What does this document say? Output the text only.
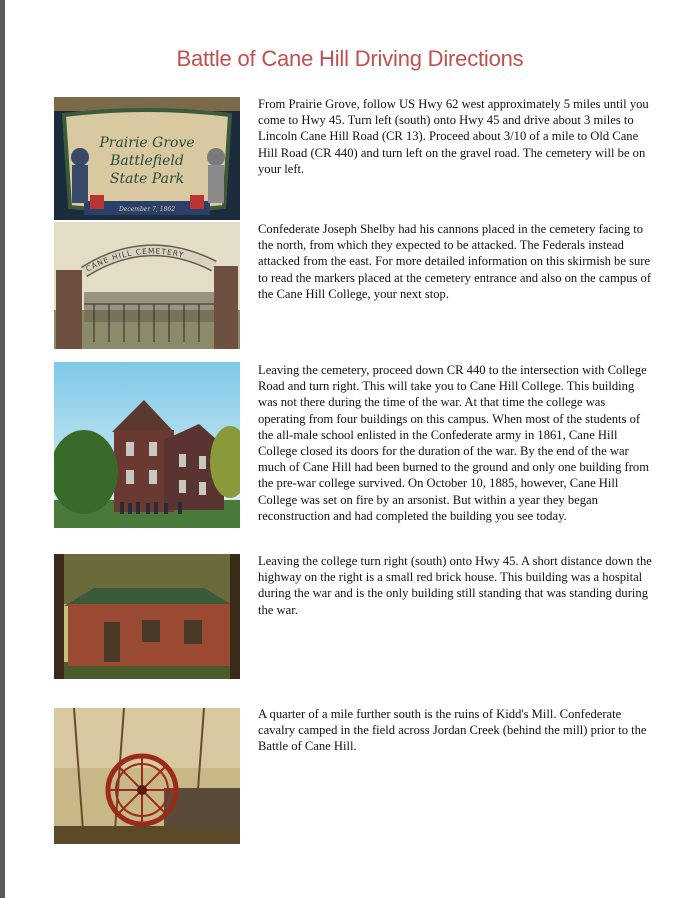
Battle of Cane Hill Driving Directions
Prairie Grove
Battlefield
State Park
December 7, 1862
From Prairie Grove, follow US Hwy 62 west approximately 5 miles until you come to Hwy 45. Turn left (south) onto Hwy 45 and drive about 3 miles to Lincoln Cane Hill Road (CR 13). Proceed about 3/10 of a mile to Old Cane Hill Road (CR 440) and turn left on the gravel road. The cemetery will be on your left.
CANE HILL CEMETERY
Confederate Joseph Shelby had his cannons placed in the cemetery facing to the north, from which they expected to be attacked. The Federals instead attacked from the east. For more detailed information on this skirmish be sure to read the markers placed at the cemetery entrance and also on the campus of the Cane Hill College, your next stop.
Leaving the cemetery, proceed down CR 440 to the intersection with College Road and turn right. This will take you to Cane Hill College. This building was not there during the time of the war. At that time the college was operating from four buildings on this campus. When most of the students of the all-male school enlisted in the Confederate army in 1861, Cane Hill College closed its doors for the duration of the war. By the end of the war much of Cane Hill had been burned to the ground and only one building from the pre-war college survived. On October 10, 1885, however, Cane Hill
College was set on fire by an arsonist. But within a year they began reconstruction and had completed the building you see today.
Leaving the college turn right (south) onto Hwy 45. A short distance down the highway on the right is a small red brick house. This building was a hospital during the war and is the only building still standing that was standing during the war.
A quarter of a mile further south is the ruins of Kidd's Mill. Confederate cavalry camped in the field across Jordan Creek (behind the mill) prior to the Battle of Cane Hill.
